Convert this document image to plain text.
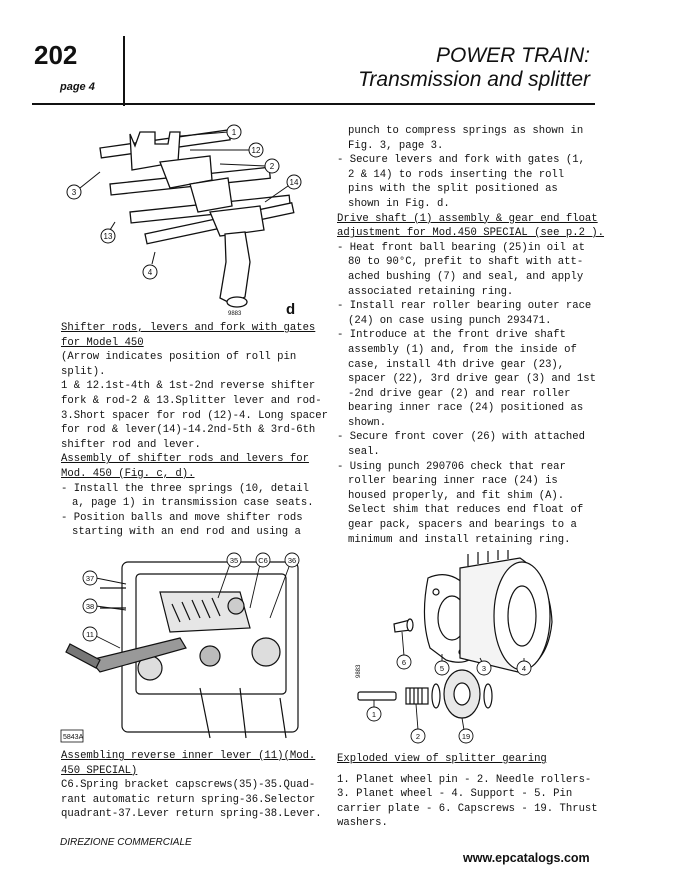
202
page 4
POWER TRAIN:
Transmission and splitter
1
12
2
3
14
13
4
9883	d
Shifter rods, levers and fork with gates
for Model 450
(Arrow indicates position of roll pin
split).
1 & 12.1st-4th & 1st-2nd reverse shifter
fork & rod-2 & 13.Splitter lever and rod-
3.Short spacer for rod (12)-4. Long spacer
for rod & lever(14)-14.2nd-5th & 3rd-6th
shifter rod and lever.
Assembly of shifter rods and levers for
Mod. 450 (Fig. c, d).
- Install the three springs (10, detail
a, page 1) in transmission case seats.
- Position balls and move shifter rods
starting with an end rod and using a
35	C6	36
37
38
11
5843A
Assembling reverse inner lever (11)(Mod.
450 SPECIAL)
C6.Spring bracket capscrews(35)-35.Quad-
rant automatic return spring-36.Selector
quadrant-37.Lever return spring-38.Lever.
punch to compress springs as shown in
Fig. 3, page 3.
- Secure levers and fork with gates (1,
2 & 14) to rods inserting the roll
pins with the split positioned as
shown in Fig. d.
Drive shaft (1) assembly & gear end float
adjustment for Mod.450 SPECIAL (see p.2 ).
- Heat front ball bearing (25)in oil at
80 to 90°C, prefit to shaft with att-
ached bushing (7) and seal, and apply
associated retaining ring.
- Install rear roller bearing outer race
(24) on case using punch 293471.
- Introduce at the front drive shaft
assembly (1) and, from the inside of
case, install 4th drive gear (23),
spacer (22), 3rd drive gear (3) and 1st
-2nd drive gear (2) and rear roller
bearing inner race (24) positioned as
shown.
- Secure front cover (26) with attached
seal.
- Using punch 290706 check that rear
roller bearing inner race (24) is
housed properly, and fit shim (A).
Select shim that reduces end float of
gear pack, spacers and bearings to a
minimum and install retaining ring.
6
5	3	4
1
2	19
9883
Exploded view of splitter gearing
1. Planet wheel pin - 2. Needle rollers-
3. Planet wheel - 4. Support - 5. Pin
carrier plate - 6. Capscrews - 19. Thrust
washers.
DIREZIONE COMMERCIALE
www.epcatalogs.com
